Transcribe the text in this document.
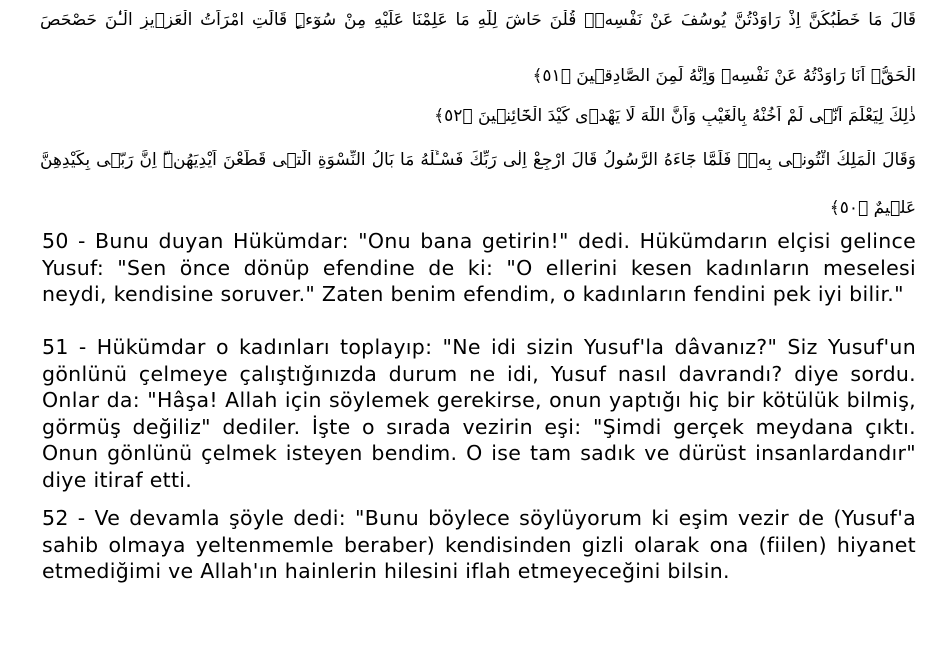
قَالَ مَا خَطْبُكُنَّ اِذْ رَاوَدْتُنَّ يُوسُفَ عَنْ نَفْسِهٖۜ قُلْنَ حَاشَ لِلّٰهِ مَا عَلِمْنَا عَلَيْهِ مِنْ سُوٓءٍۜ قَالَتِ امْرَاَتُ الْعَزٖيزِ الْـٰٔنَ حَصْحَصَ
الْحَقُّۘ اَنَا رَاوَدْتُهُ عَنْ نَفْسِهٖ وَاِنَّهُ لَمِنَ الصَّادِقٖينَ ﴿٥١﴾
ذٰلِكَ لِيَعْلَمَ اَنّٖى لَمْ اَخُنْهُ بِالْغَيْبِ وَاَنَّ اللّٰهَ لَا يَهْدٖى كَيْدَ الْخَٓائِنٖينَ ﴿٥٢﴾
وَقَالَ الْمَلِكُ ائْتُونٖى بِهٖۚ فَلَمَّا جَٓاءَهُ الرَّسُولُ قَالَ ارْجِعْ اِلٰى رَبِّكَ فَسْـَٔلْهُ مَا بَالُ النِّسْوَةِ الّٰتٖى قَطَّعْنَ اَيْدِيَهُنَّۜ اِنَّ رَبّٖى بِكَيْدِهِنَّ
عَلٖيمٌ ﴿٥٠﴾

50 - Bunu duyan Hükümdar: "Onu bana getirin!" dedi. Hükümdarın elçisi gelince Yusuf: "Sen önce dönüp efendine de ki: "O ellerini kesen kadınların meselesi neydi, kendisine soruver." Zaten benim efendim, o kadınların fendini pek iyi bilir."

51 - Hükümdar o kadınları toplayıp: "Ne idi sizin Yusuf'la dâvanız?" Siz Yusuf'un gönlünü çelmeye çalıştığınızda durum ne idi, Yusuf nasıl davrandı? diye sordu. Onlar da: "Hâşa! Allah için söylemek gerekirse, onun yaptığı hiç bir kötülük bilmiş, görmüş değiliz" dediler. İşte o sırada vezirin eşi: "Şimdi gerçek meydana çıktı. Onun gönlünü çelmek isteyen bendim. O ise tam sadık ve dürüst insanlardandır" diye itiraf etti.

52 - Ve devamla şöyle dedi: "Bunu böylece söylüyorum ki eşim vezir de (Yusuf'a sahib olmaya yeltenmemle beraber) kendisinden gizli olarak ona (fiilen) hiyanet etmediğimi ve Allah'ın hainlerin hilesini iflah etmeyeceğini bilsin.
